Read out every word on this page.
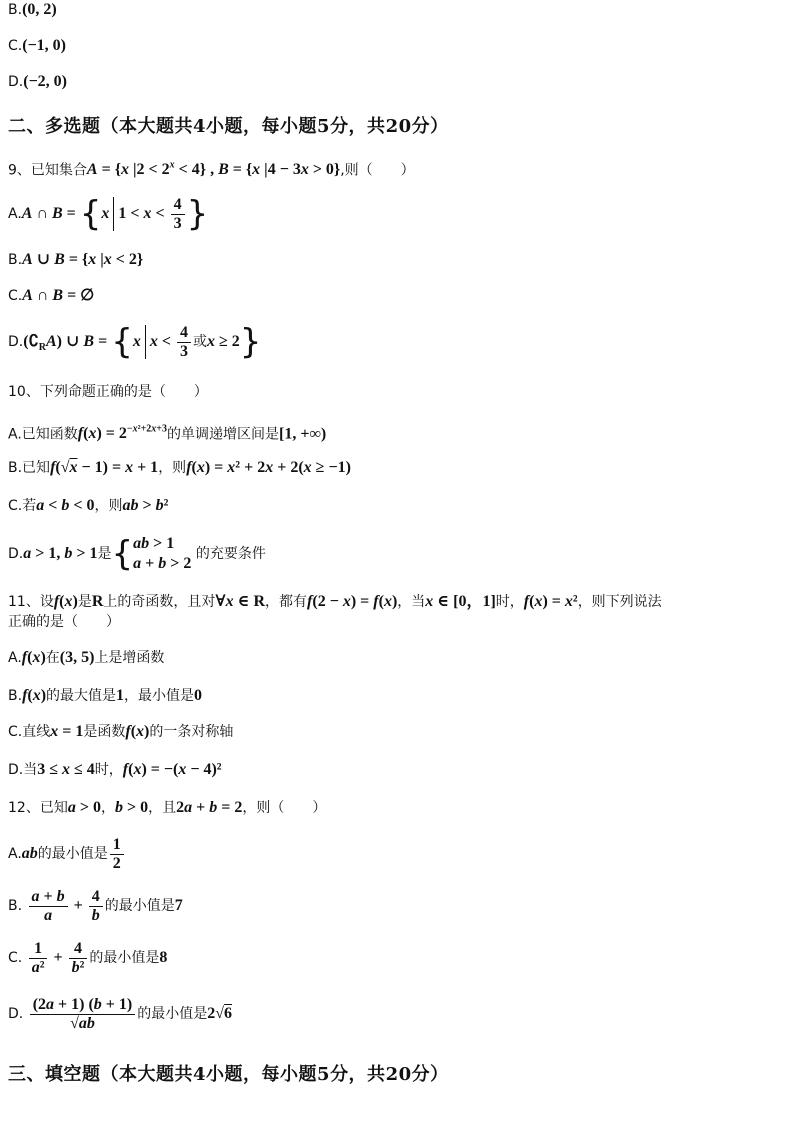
B.(0, 2)
C.(−1, 0)
D.(−2, 0)
二、多选题（本大题共4小题，每小题5分，共20分）
9、已知集合A = {x $|2 < 2^x < 4$} , B = {x |4 − 3x > 0},则（　　）
A.A ∩ B = {x $1 < x < \frac{4}{3}$ }
B.A ∪ B = {x |x < 2}
C.A ∩ B = ∅
$D.(∁_RA)$ ∪ B = {x $x < \frac{4}{3}$ 或x ≥ 2}
10、下列命题正确的是（　　）
A.已知函数$f(x) = 2^{-x^2+2x+3}$的单调递增区间是[1, +∞)
B.已知f(√x − 1) = x + 1，则f(x) = x² + 2x + 2(x ≥ −1)
C.若a < b < 0，则ab > b²
D.a > 1, b > 1是{ ab > 1
a + b > 2
的充要条件
11、设f(x)是R上的奇函数，且对∀x ∈ R，都有f(2 − x) = f(x)，当x ∈ [0，1]时，f(x) = x²，则下列说法
正确的是（　　）
A.f(x)在(3, 5)上是增函数
B.f(x)的最大值是1，最小值是0
C.直线x = 1是函数f(x)的一条对称轴
D.当3 ≤ x ≤ 4时，f(x) = −(x − 4)²
12、已知a > 0，b > 0，且2a + b = 2，则（　　）
A.ab的最小值是 $\frac{1}{2}$
B. $\frac{a + b}{a} + \frac{4}{b}$ 的最小值是7
C. $\frac{1}{\text{a²}} + \frac{4}{\text{b²}}$ 的最小值是8
D. $\frac{(2a + 1) (b + 1)}{√ab}$ 的最小值是2√6
三、填空题（本大题共4小题，每小题5分，共20分）
